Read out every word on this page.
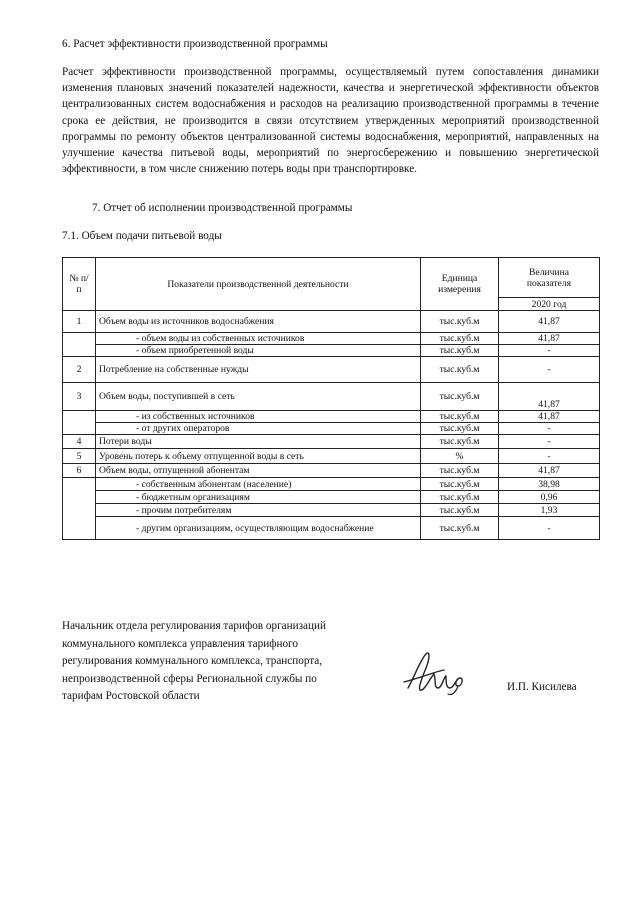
6. Расчет эффективности производственной программы
Расчет эффективности производственной программы, осуществляемый путем сопоставления динамики изменения плановых значений показателей надежности, качества и энергетической эффективности объектов централизованных систем водоснабжения и расходов на реализацию производственной программы в течение срока ее действия, не производится в связи отсутствием утвержденных мероприятий производственной программы по ремонту объектов централизованной системы водоснабжения, мероприятий, направленных на улучшение качества питьевой воды, мероприятий по энергосбережению и повышению энергетической эффективности, в том числе снижению потерь воды при транспортировке.
7. Отчет об исполнении производственной программы
7.1. Объем подачи питьевой воды
№ п/п	Показатели производственной деятельности	Единица измерения	Величина показателя
			2020 год
1	Объем воды из источников водоснабжения	тыс.куб.м	41,87
	- объем воды из собственных источников	тыс.куб.м	41,87
	- объем приобретенной воды	тыс.куб.м	-
2	Потребление на собственные нужды	тыс.куб.м	-
3	Объем воды, поступившей в сеть	тыс.куб.м	41,87
	- из собственных источников	тыс.куб.м	41,87
	- от других операторов	тыс.куб.м	-
4	Потери воды	тыс.куб.м	-
5	Уровень потерь к объему отпущенной воды в сеть	%	-
6	Объем воды, отпущенной абонентам	тыс.куб.м	41,87
	- собственным абонентам (население)	тыс.куб.м	38,98
	- бюджетным организациям	тыс.куб.м	0,96
	- прочим потребителям	тыс.куб.м	1,93
	- другим организациям, осуществляющим водоснабжение	тыс.куб.м	-
Начальник отдела регулирования тарифов организаций
коммунального комплекса управления тарифного
регулирования коммунального комплекса, транспорта,
непроизводственной сферы Региональной службы по
тарифам Ростовской области
И.П. Кисилева
